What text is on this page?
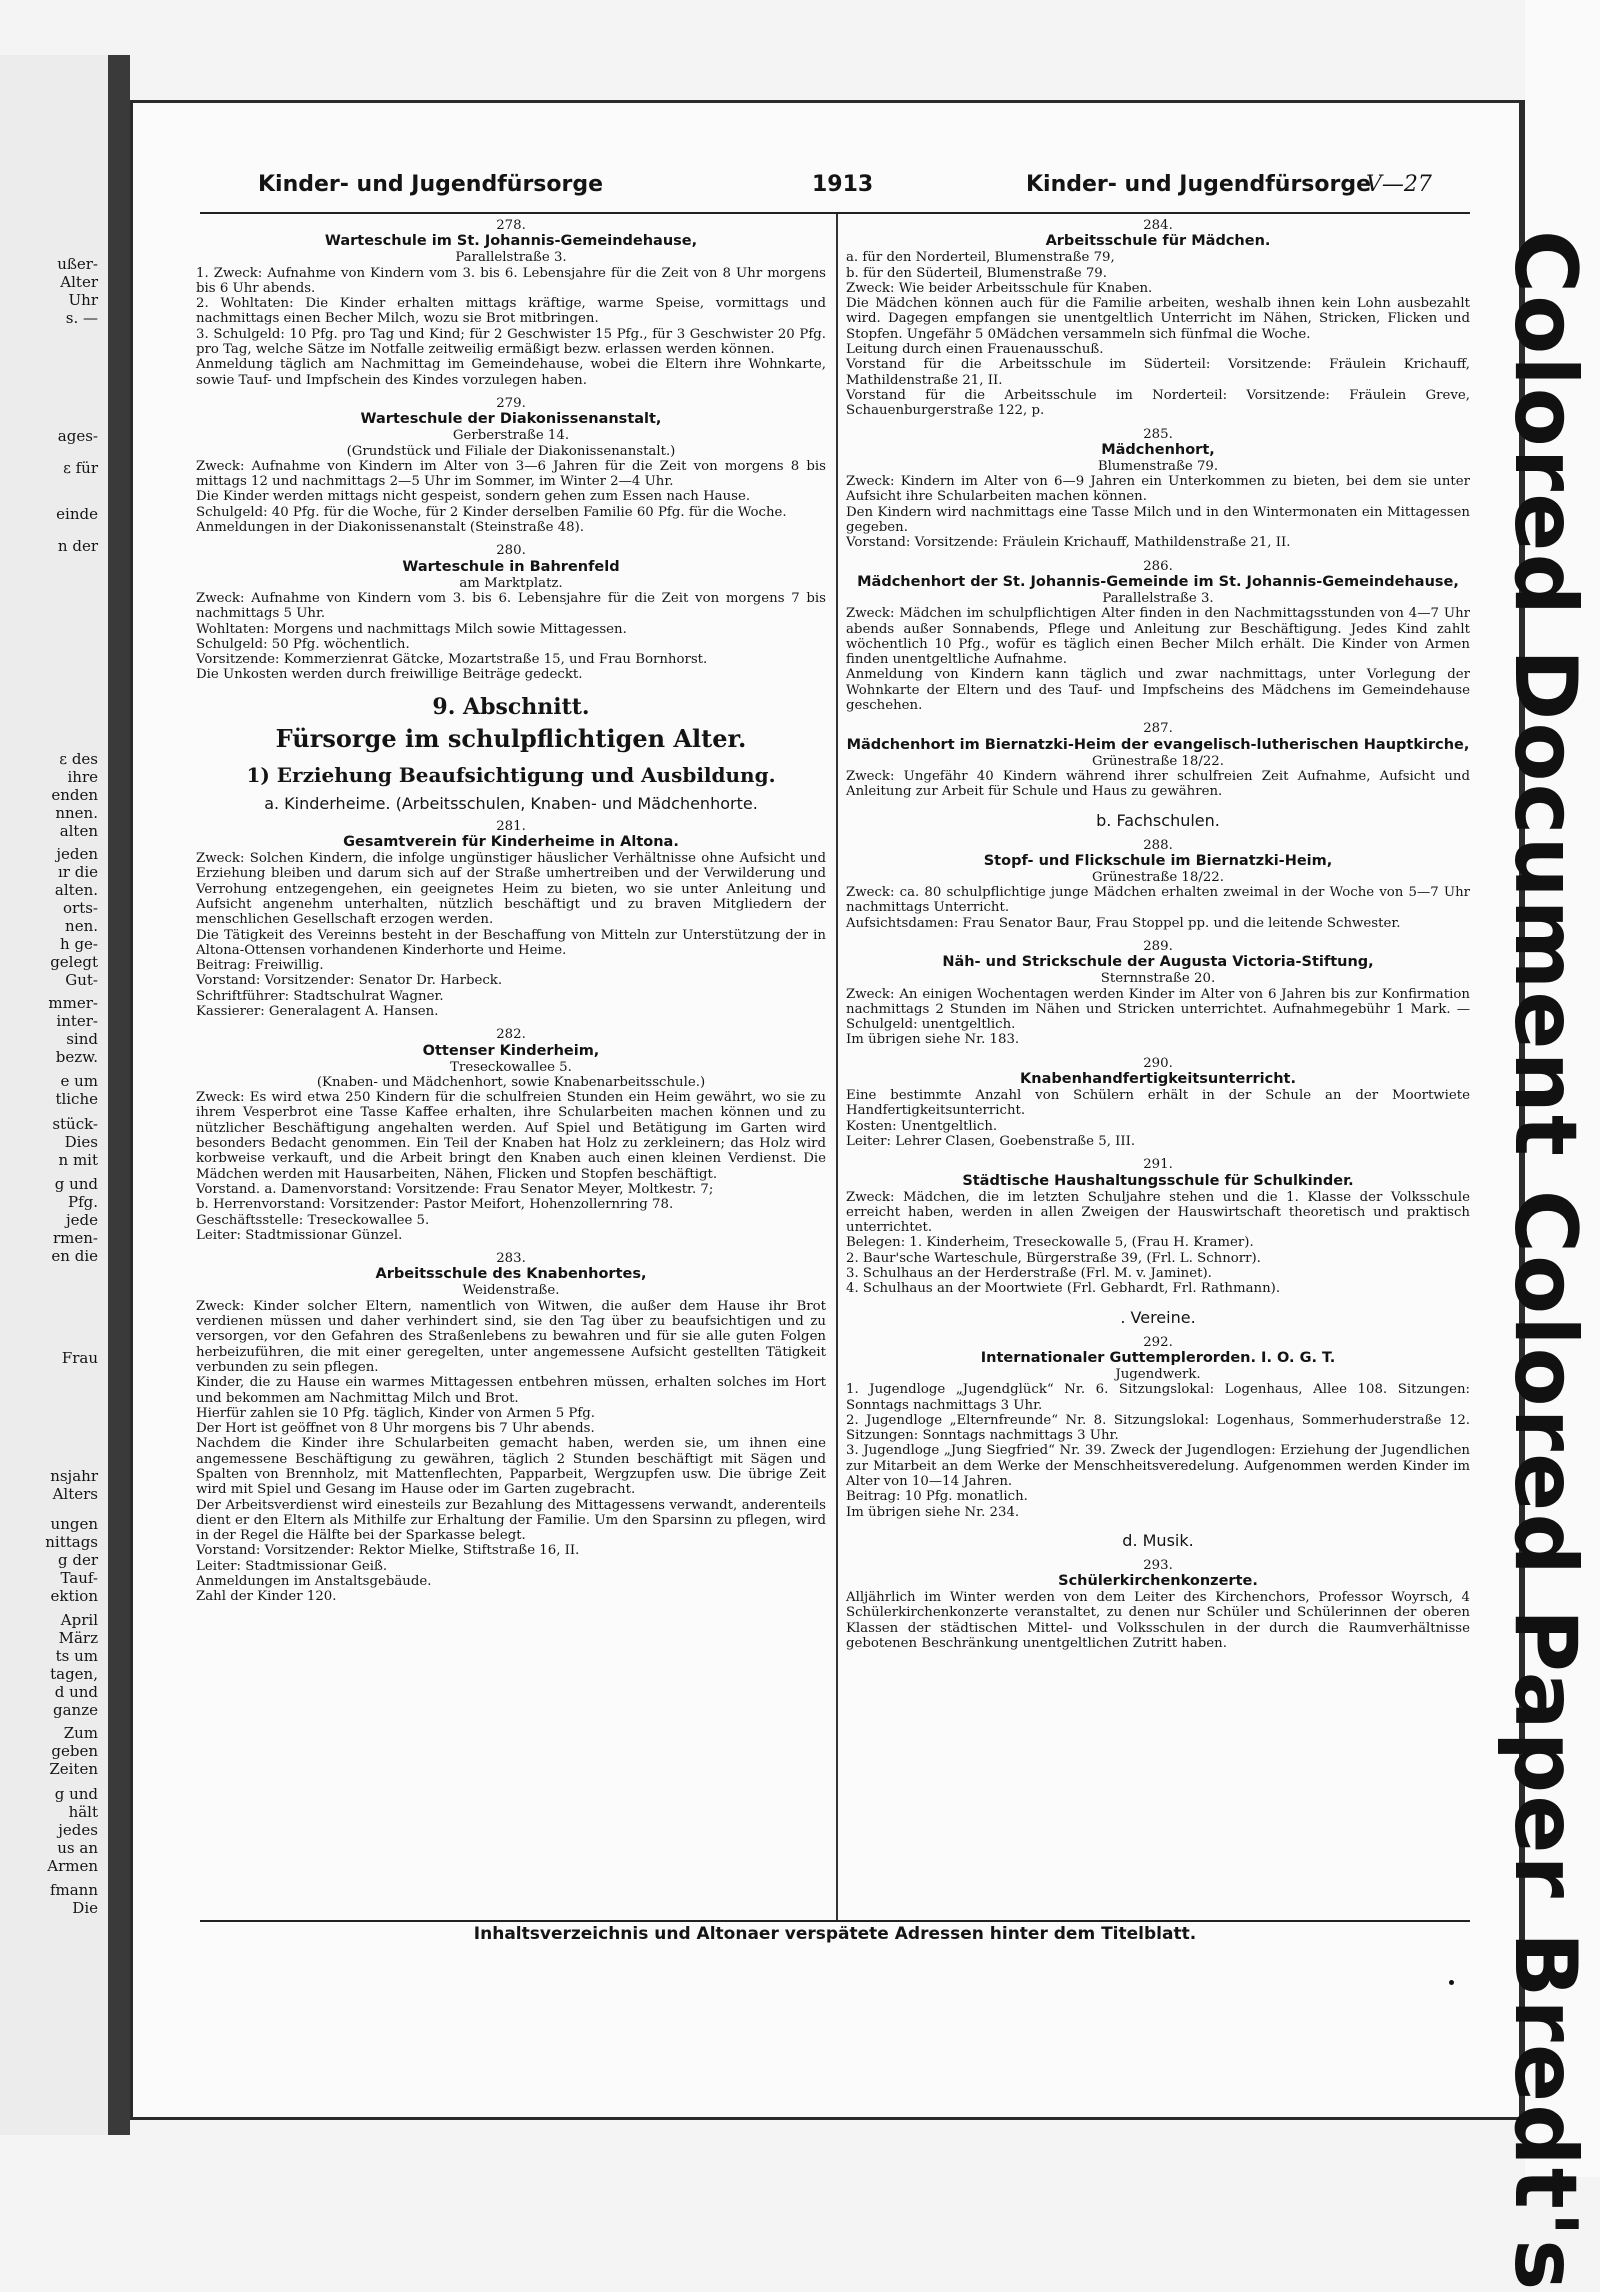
ußer-
Alter
Uhr
s. —
ages-
ε für
einde
n der
ε des
ihre
enden
nnen.
alten
jeden
ır die
alten.
orts-
nen.
h ge-
gelegt
Gut-
mmer-
inter-
sind
bezw.
e um
tliche
stück-
Dies
n mit
g und
Pfg.
jede
rmen-
en die
Frau
nsjahr
Alters
ungen
nittags
g der
Tauf-
ektion
April
März
ts um
tagen,
d und
ganze
Zum
geben
Zeiten
g und
hält
jedes
us an
Armen
fmann
Die
Kinder- und Jugendfürsorge	1913	Kinder- und Jugendfürsorge
V—27

278.

Warteschule im St. Johannis-Gemeindehause,

Parallelstraße 3.

1. Zweck: Aufnahme von Kindern vom 3. bis 6. Lebensjahre für die Zeit von 8 Uhr morgens bis 6 Uhr abends.

2. Wohltaten: Die Kinder erhalten mittags kräftige, warme Speise, vormittags und nachmittags einen Becher Milch, wozu sie Brot mitbringen.

3. Schulgeld: 10 Pfg. pro Tag und Kind; für 2 Geschwister 15 Pfg., für 3 Geschwister 20 Pfg. pro Tag, welche Sätze im Notfalle zeitweilig ermäßigt bezw. erlassen werden können.

Anmeldung täglich am Nachmittag im Gemeindehause, wobei die Eltern ihre Wohnkarte, sowie Tauf- und Impfschein des Kindes vorzulegen haben.

279.

Warteschule der Diakonissenanstalt,

Gerberstraße 14.

(Grundstück und Filiale der Diakonissenanstalt.)

Zweck: Aufnahme von Kindern im Alter von 3—6 Jahren für die Zeit von morgens 8 bis mittags 12 und nachmittags 2—5 Uhr im Sommer, im Winter 2—4 Uhr.

Die Kinder werden mittags nicht gespeist, sondern gehen zum Essen nach Hause.

Schulgeld: 40 Pfg. für die Woche, für 2 Kinder derselben Familie 60 Pfg. für die Woche.

Anmeldungen in der Diakonissenanstalt (Steinstraße 48).

280.

Warteschule in Bahrenfeld

am Marktplatz.

Zweck: Aufnahme von Kindern vom 3. bis 6. Lebensjahre für die Zeit von morgens 7 bis nachmittags 5 Uhr.

Wohltaten: Morgens und nachmittags Milch sowie Mittagessen.

Schulgeld: 50 Pfg. wöchentlich.

Vorsitzende: Kommerzienrat Gätcke, Mozartstraße 15, und Frau Bornhorst.

Die Unkosten werden durch freiwillige Beiträge gedeckt.

9. Abschnitt.

Fürsorge im schulpflichtigen Alter.

1) Erziehung Beaufsichtigung und Ausbildung.

a. Kinderheime. (Arbeitsschulen, Knaben- und Mädchenhorte.

281.

Gesamtverein für Kinderheime in Altona.

Zweck: Solchen Kindern, die infolge ungünstiger häuslicher Verhältnisse ohne Aufsicht und Erziehung bleiben und darum sich auf der Straße umhertreiben und der Verwilderung und Verrohung entzegengehen, ein geeignetes Heim zu bieten, wo sie unter Anleitung und Aufsicht angenehm unterhalten, nützlich beschäftigt und zu braven Mitgliedern der menschlichen Gesellschaft erzogen werden.

Die Tätigkeit des Vereinns besteht in der Beschaffung von Mitteln zur Unterstützung der in Altona-Ottensen vorhandenen Kinderhorte und Heime.

Beitrag: Freiwillig.

Vorstand: Vorsitzender: Senator Dr. Harbeck.

Schriftführer: Stadtschulrat Wagner.

Kassierer: Generalagent A. Hansen.

282.

Ottenser Kinderheim,

Treseckowallee 5.

(Knaben- und Mädchenhort, sowie Knabenarbeitsschule.)

Zweck: Es wird etwa 250 Kindern für die schulfreien Stunden ein Heim gewährt, wo sie zu ihrem Vesperbrot eine Tasse Kaffee erhalten, ihre Schularbeiten machen können und zu nützlicher Beschäftigung angehalten werden. Auf Spiel und Betätigung im Garten wird besonders Bedacht genommen. Ein Teil der Knaben hat Holz zu zerkleinern; das Holz wird korbweise verkauft, und die Arbeit bringt den Knaben auch einen kleinen Verdienst. Die Mädchen werden mit Hausarbeiten, Nähen, Flicken und Stopfen beschäftigt.

Vorstand. a. Damenvorstand: Vorsitzende: Frau Senator Meyer, Moltkestr. 7;

b. Herrenvorstand: Vorsitzender: Pastor Meifort, Hohenzollernring 78.

Geschäftsstelle: Treseckowallee 5.

Leiter: Stadtmissionar Günzel.

283.

Arbeitsschule des Knabenhortes,

Weidenstraße.

Zweck: Kinder solcher Eltern, namentlich von Witwen, die außer dem Hause ihr Brot verdienen müssen und daher verhindert sind, sie den Tag über zu beaufsichtigen und zu versorgen, vor den Gefahren des Straßenlebens zu bewahren und für sie alle guten Folgen herbeizuführen, die mit einer geregelten, unter angemessene Aufsicht gestellten Tätigkeit verbunden zu sein pflegen.

Kinder, die zu Hause ein warmes Mittagessen entbehren müssen, erhalten solches im Hort und bekommen am Nachmittag Milch und Brot.

Hierfür zahlen sie 10 Pfg. täglich, Kinder von Armen 5 Pfg.

Der Hort ist geöffnet von 8 Uhr morgens bis 7 Uhr abends.

Nachdem die Kinder ihre Schularbeiten gemacht haben, werden sie, um ihnen eine angemessene Beschäftigung zu gewähren, täglich 2 Stunden beschäftigt mit Sägen und Spalten von Brennholz, mit Mattenflechten, Papparbeit, Wergzupfen usw. Die übrige Zeit wird mit Spiel und Gesang im Hause oder im Garten zugebracht.

Der Arbeitsverdienst wird einesteils zur Bezahlung des Mittagessens verwandt, anderenteils dient er den Eltern als Mithilfe zur Erhaltung der Familie. Um den Sparsinn zu pflegen, wird in der Regel die Hälfte bei der Sparkasse belegt.

Vorstand: Vorsitzender: Rektor Mielke, Stiftstraße 16, II.

Leiter: Stadtmissionar Geiß.

Anmeldungen im Anstaltsgebäude.

Zahl der Kinder 120.

284.

Arbeitsschule für Mädchen.

a. für den Norderteil, Blumenstraße 79,

b. für den Süderteil, Blumenstraße 79.

Zweck: Wie beider Arbeitsschule für Knaben.

Die Mädchen können auch für die Familie arbeiten, weshalb ihnen kein Lohn ausbezahlt wird. Dagegen empfangen sie unentgeltlich Unterricht im Nähen, Stricken, Flicken und Stopfen. Ungefähr 5 0Mädchen versammeln sich fünfmal die Woche.

Leitung durch einen Frauenausschuß.

Vorstand für die Arbeitsschule im Süderteil: Vorsitzende: Fräulein Krichauff, Mathildenstraße 21, II.

Vorstand für die Arbeitsschule im Norderteil: Vorsitzende: Fräulein Greve, Schauenburgerstraße 122, p.

285.

Mädchenhort,

Blumenstraße 79.

Zweck: Kindern im Alter von 6—9 Jahren ein Unterkommen zu bieten, bei dem sie unter Aufsicht ihre Schularbeiten machen können.

Den Kindern wird nachmittags eine Tasse Milch und in den Wintermonaten ein Mittagessen gegeben.

Vorstand: Vorsitzende: Fräulein Krichauff, Mathildenstraße 21, II.

286.

Mädchenhort der St. Johannis-Gemeinde im St. Johannis-Gemeindehause,

Parallelstraße 3.

Zweck: Mädchen im schulpflichtigen Alter finden in den Nachmittagsstunden von 4—7 Uhr abends außer Sonnabends, Pflege und Anleitung zur Beschäftigung. Jedes Kind zahlt wöchentlich 10 Pfg., wofür es täglich einen Becher Milch erhält. Die Kinder von Armen finden unentgeltliche Aufnahme.

Anmeldung von Kindern kann täglich und zwar nachmittags, unter Vorlegung der Wohnkarte der Eltern und des Tauf- und Impfscheins des Mädchens im Gemeindehause geschehen.

287.

Mädchenhort im Biernatzki-Heim der evangelisch-lutherischen Hauptkirche,

Grünestraße 18/22.

Zweck: Ungefähr 40 Kindern während ihrer schulfreien Zeit Aufnahme, Aufsicht und Anleitung zur Arbeit für Schule und Haus zu gewähren.

b. Fachschulen.

288.

Stopf- und Flickschule im Biernatzki-Heim,

Grünestraße 18/22.

Zweck: ca. 80 schulpflichtige junge Mädchen erhalten zweimal in der Woche von 5—7 Uhr nachmittags Unterricht.

Aufsichtsdamen: Frau Senator Baur, Frau Stoppel pp. und die leitende Schwester.

289.

Näh- und Strickschule der Augusta Victoria-Stiftung,

Sternnstraße 20.

Zweck: An einigen Wochentagen werden Kinder im Alter von 6 Jahren bis zur Konfirmation nachmittags 2 Stunden im Nähen und Stricken unterrichtet. Aufnahmegebühr 1 Mark. — Schulgeld: unentgeltlich.

Im übrigen siehe Nr. 183.

290.

Knabenhandfertigkeitsunterricht.

Eine bestimmte Anzahl von Schülern erhält in der Schule an der Moortwiete Handfertigkeitsunterricht.

Kosten: Unentgeltlich.

Leiter: Lehrer Clasen, Goebenstraße 5, III.

291.

Städtische Haushaltungsschule für Schulkinder.

Zweck: Mädchen, die im letzten Schuljahre stehen und die 1. Klasse der Volksschule erreicht haben, werden in allen Zweigen der Hauswirtschaft theoretisch und praktisch unterrichtet.

Belegen: 1. Kinderheim, Treseckowalle 5, (Frau H. Kramer).

2. Baur'sche Warteschule, Bürgerstraße 39, (Frl. L. Schnorr).

3. Schulhaus an der Herderstraße (Frl. M. v. Jaminet).

4. Schulhaus an der Moortwiete (Frl. Gebhardt, Frl. Rathmann).

. Vereine.

292.

Internationaler Guttemplerorden. I. O. G. T.

Jugendwerk.

1. Jugendloge „Jugendglück“ Nr. 6. Sitzungslokal: Logenhaus, Allee 108. Sitzungen: Sonntags nachmittags 3 Uhr.

2. Jugendloge „Elternfreunde“ Nr. 8. Sitzungslokal: Logenhaus, Sommerhuderstraße 12. Sitzungen: Sonntags nachmittags 3 Uhr.

3. Jugendloge „Jung Siegfried“ Nr. 39. Zweck der Jugendlogen: Erziehung der Jugendlichen zur Mitarbeit an dem Werke der Menschheitsveredelung. Aufgenommen werden Kinder im Alter von 10—14 Jahren.

Beitrag: 10 Pfg. monatlich.

Im übrigen siehe Nr. 234.

d. Musik.

293.

Schülerkirchenkonzerte.

Alljährlich im Winter werden von dem Leiter des Kirchenchors, Professor Woyrsch, 4 Schülerkirchenkonzerte veranstaltet, zu denen nur Schüler und Schülerinnen der oberen Klassen der städtischen Mittel- und Volksschulen in der durch die Raumverhältnisse gebotenen Beschränkung unentgeltlichen Zutritt haben.

Inhaltsverzeichnis und Altonaer verspätete Adressen hinter dem Titelblatt.	Colored Document Colored Paper Bredt's
